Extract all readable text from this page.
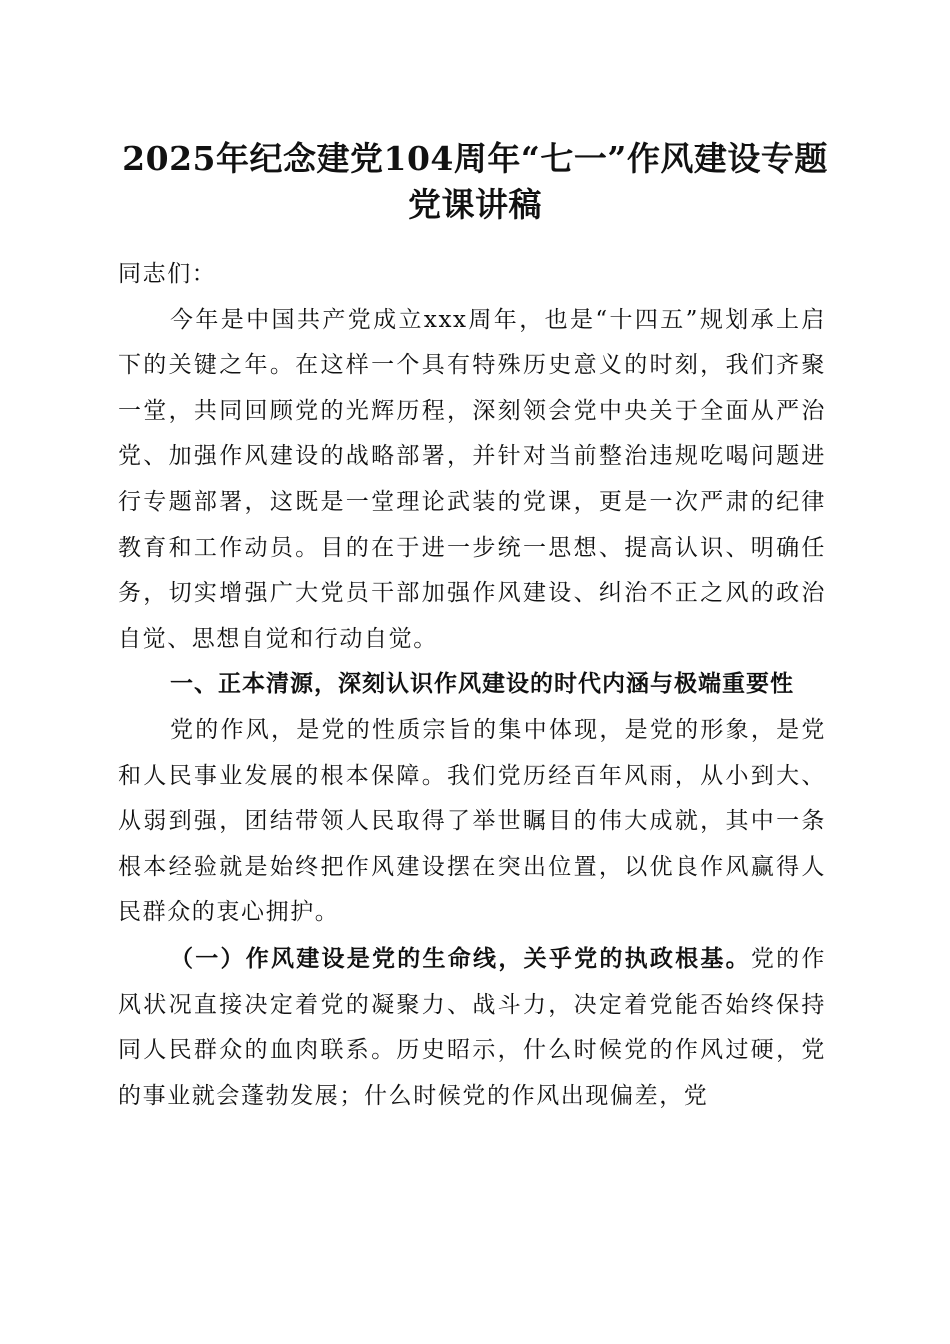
2025年纪念建党104周年“七一”作风建设专题党课讲稿

同志们：

今年是中国共产党成立xxx周年，也是“十四五”规划承上启下的关键之年。在这样一个具有特殊历史意义的时刻，我们齐聚一堂，共同回顾党的光辉历程，深刻领会党中央关于全面从严治党、加强作风建设的战略部署，并针对当前整治违规吃喝问题进行专题部署，这既是一堂理论武装的党课，更是一次严肃的纪律教育和工作动员。目的在于进一步统一思想、提高认识、明确任务，切实增强广大党员干部加强作风建设、纠治不正之风的政治自觉、思想自觉和行动自觉。

一、正本清源，深刻认识作风建设的时代内涵与极端重要性

党的作风，是党的性质宗旨的集中体现，是党的形象，是党和人民事业发展的根本保障。我们党历经百年风雨，从小到大、从弱到强，团结带领人民取得了举世瞩目的伟大成就，其中一条根本经验就是始终把作风建设摆在突出位置，以优良作风赢得人民群众的衷心拥护。

（一）作风建设是党的生命线，关乎党的执政根基。党的作风状况直接决定着党的凝聚力、战斗力，决定着党能否始终保持同人民群众的血肉联系。历史昭示，什么时候党的作风过硬，党的事业就会蓬勃发展；什么时候党的作风出现偏差，党
